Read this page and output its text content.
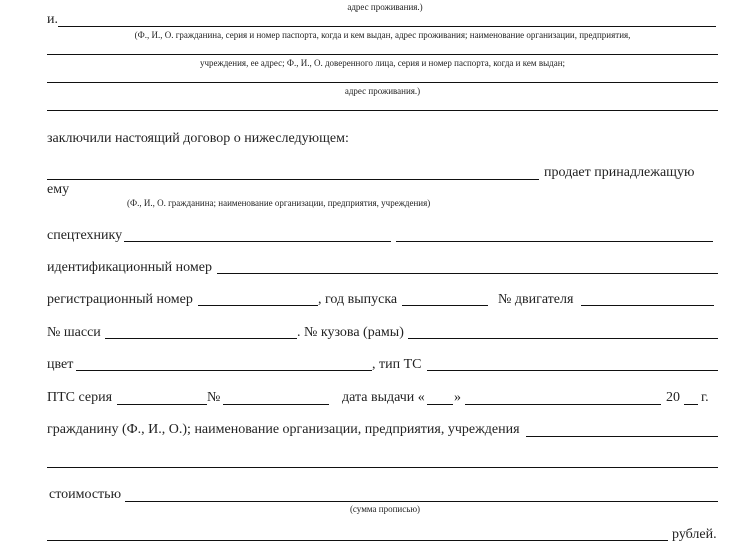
адрес проживания.)
и.
(Ф., И., О. гражданина, серия и номер паспорта, когда и кем выдан, адрес проживания; наименование организации, предприятия,
учреждения, ее адрес; Ф., И., О. доверенного лица, серия и номер паспорта, когда и кем выдан;
адрес проживания.)
заключили настоящий договор о нижеследующем:
продает принадлежащую
ему
(Ф., И., О. гражданина; наименование организации, предприятия, учреждения)
спецтехнику
идентификационный номер
регистрационный номер	, год выпуска	№ двигателя
№ шасси	. № кузова (рамы)
цвет	, тип ТС
ПТС серия	№	дата выдачи « »	20 г.
гражданину (Ф., И., О.); наименование организации, предприятия, учреждения
стоимостью
(сумма прописью)
рублей.
